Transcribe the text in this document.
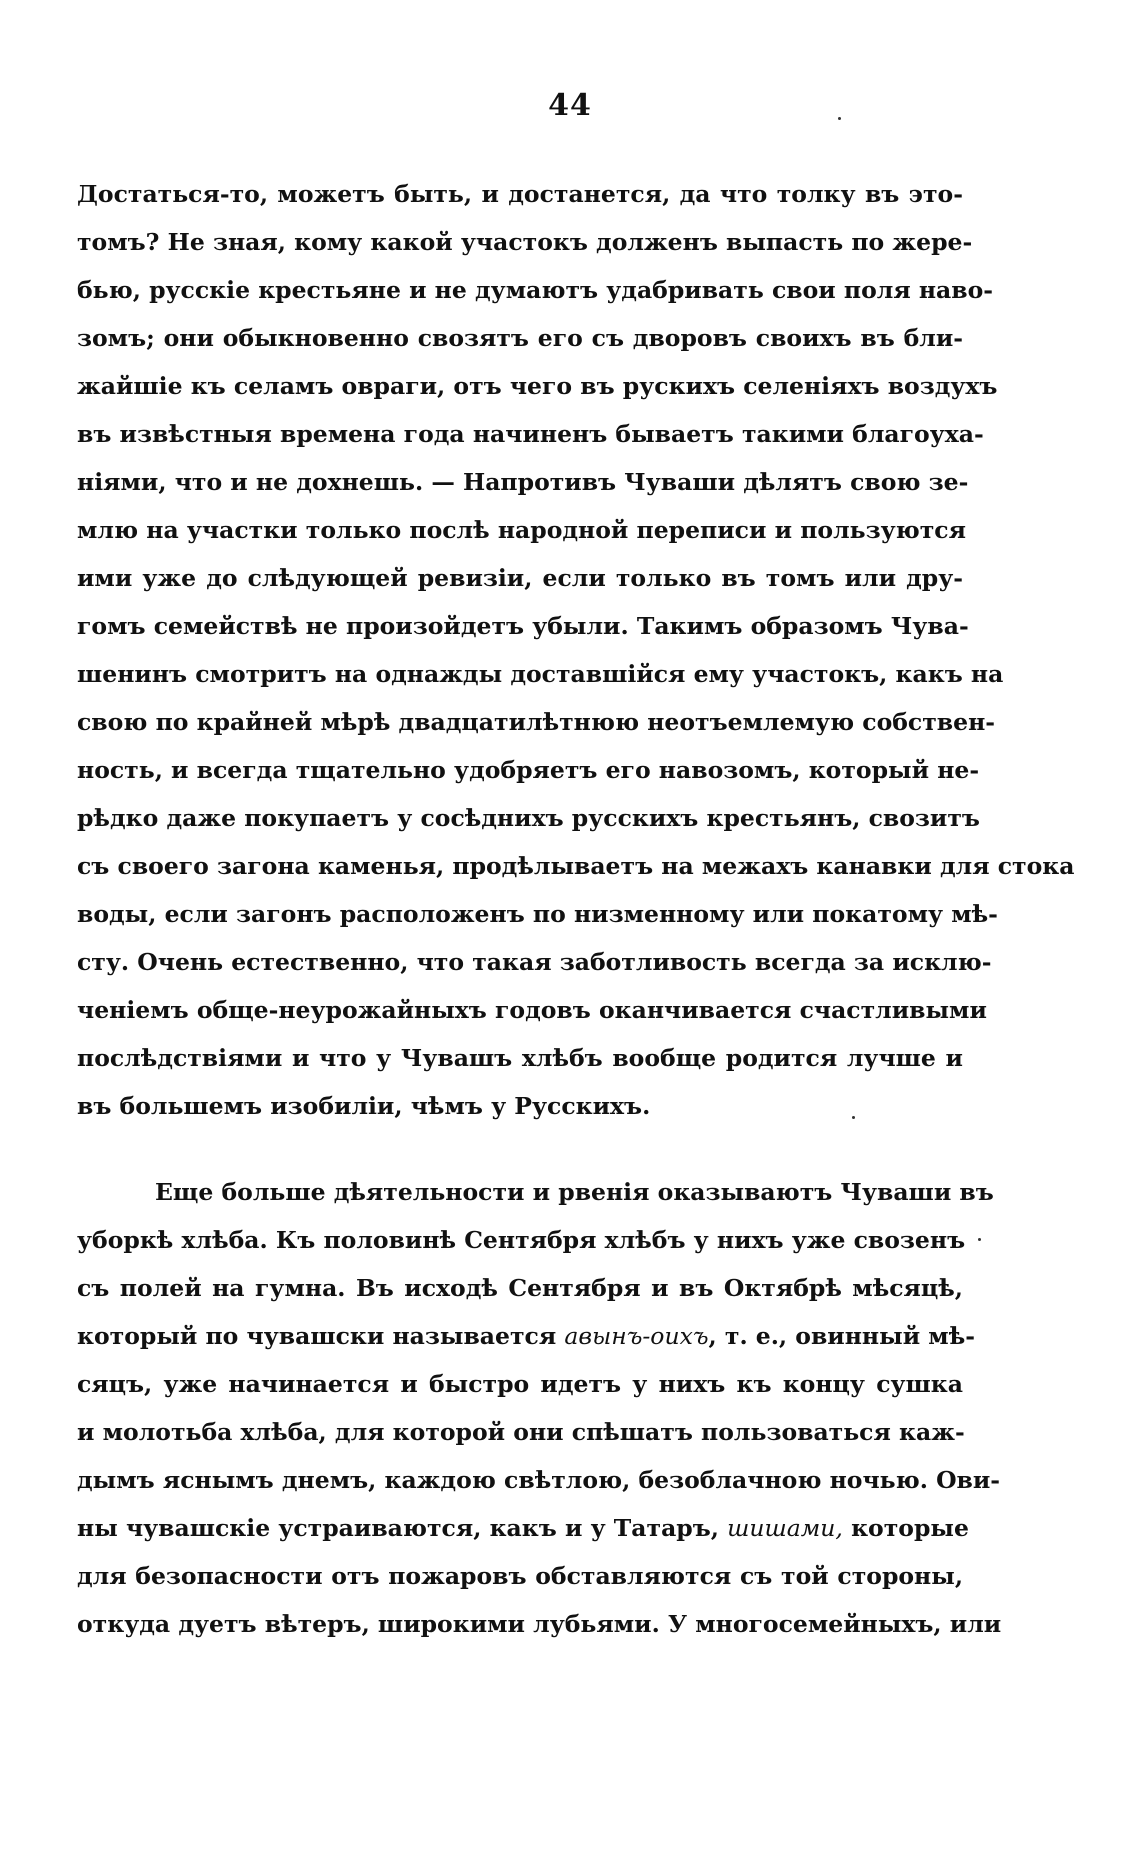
44
Достаться-то, можетъ быть, и достанется, да что толку въ это-
томъ? Не зная, кому какой участокъ долженъ выпасть по жере-
бью, русскіе крестьяне и не думаютъ удабривать свои поля наво-
зомъ; они обыкновенно свозятъ его съ дворовъ своихъ въ бли-
жайшіе къ селамъ овраги, отъ чего въ рускихъ селеніяхъ воздухъ
въ извѣстныя времена года начиненъ бываетъ такими благоуха-
ніями, что и не дохнешь. — Напротивъ Чуваши дѣлятъ свою зе-
млю на участки только послѣ народной переписи и пользуются
ими уже до слѣдующей ревизіи, если только въ томъ или дру-
гомъ семействѣ не произойдетъ убыли. Такимъ образомъ Чува-
шенинъ смотритъ на однажды доставшійся ему участокъ, какъ на
свою по крайней мѣрѣ двадцатилѣтнюю неотъемлемую собствен-
ность, и всегда тщательно удобряетъ его навозомъ, который не-
рѣдко даже покупаетъ у сосѣднихъ русскихъ крестьянъ, свозитъ
съ своего загона каменья, продѣлываетъ на межахъ канавки для стока
воды, если загонъ расположенъ по низменному или покатому мѣ-
сту. Очень естественно, что такая заботливость всегда за исклю-
ченіемъ обще-неурожайныхъ годовъ оканчивается счастливыми
послѣдствіями и что у Чувашъ хлѣбъ вообще родится лучше и
въ большемъ изобиліи, чѣмъ у Русскихъ.
Еще больше дѣятельности и рвенія оказываютъ Чуваши въ
уборкѣ хлѣба. Къ половинѣ Сентября хлѣбъ у нихъ уже свозенъ
съ полей на гумна. Въ исходѣ Сентября и въ Октябрѣ мѣсяцѣ,
который по чувашски называется авынъ-оихъ, т. е., овинный мѣ-
сяцъ, уже начинается и быстро идетъ у нихъ къ концу сушка
и молотьба хлѣба, для которой они спѣшатъ пользоваться каж-
дымъ яснымъ днемъ, каждою свѣтлою, безоблачною ночью. Ови-
ны чувашскіе устраиваются, какъ и у Татаръ, шишами, которые
для безопасности отъ пожаровъ обставляются съ той стороны,
откуда дуетъ вѣтеръ, широкими лубьями. У многосемейныхъ, или
